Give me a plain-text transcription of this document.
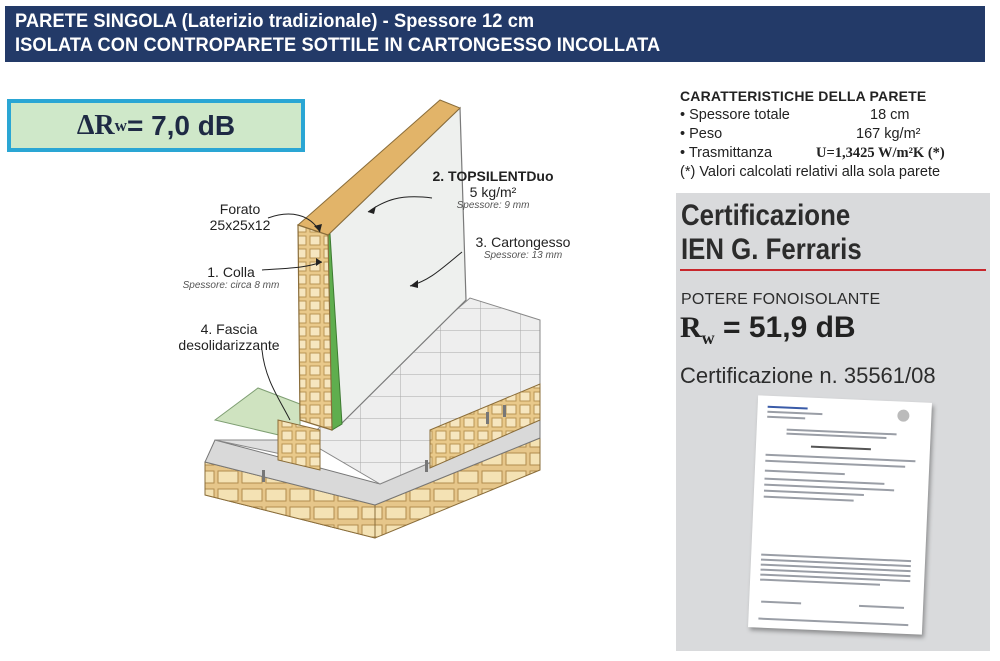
PARETE SINGOLA (Laterizio tradizionale) - Spessore 12 cm
ISOLATA CON CONTROPARETE SOTTILE IN CARTONGESSO INCOLLATA
ΔR w = 7,0 dB
Forato
25x25x12
2. TOPSILENTDuo
5 kg/m²
Spessore: 9 mm
3. Cartongesso
Spessore: 13 mm
1. Colla
Spessore: circa 8 mm
4. Fascia
desolidarizzante
CARATTERISTICHE DELLA PARETE
• Spessore totale	18 cm
• Peso	167 kg/m²
• Trasmittanza	U=1,3425 W/m²K (*)
(*) Valori calcolati relativi alla sola parete
Certificazione
IEN G. Ferraris
POTERE FONOISOLANTE
$R_w = 51,9$ dB
Certificazione n. 35561/08
